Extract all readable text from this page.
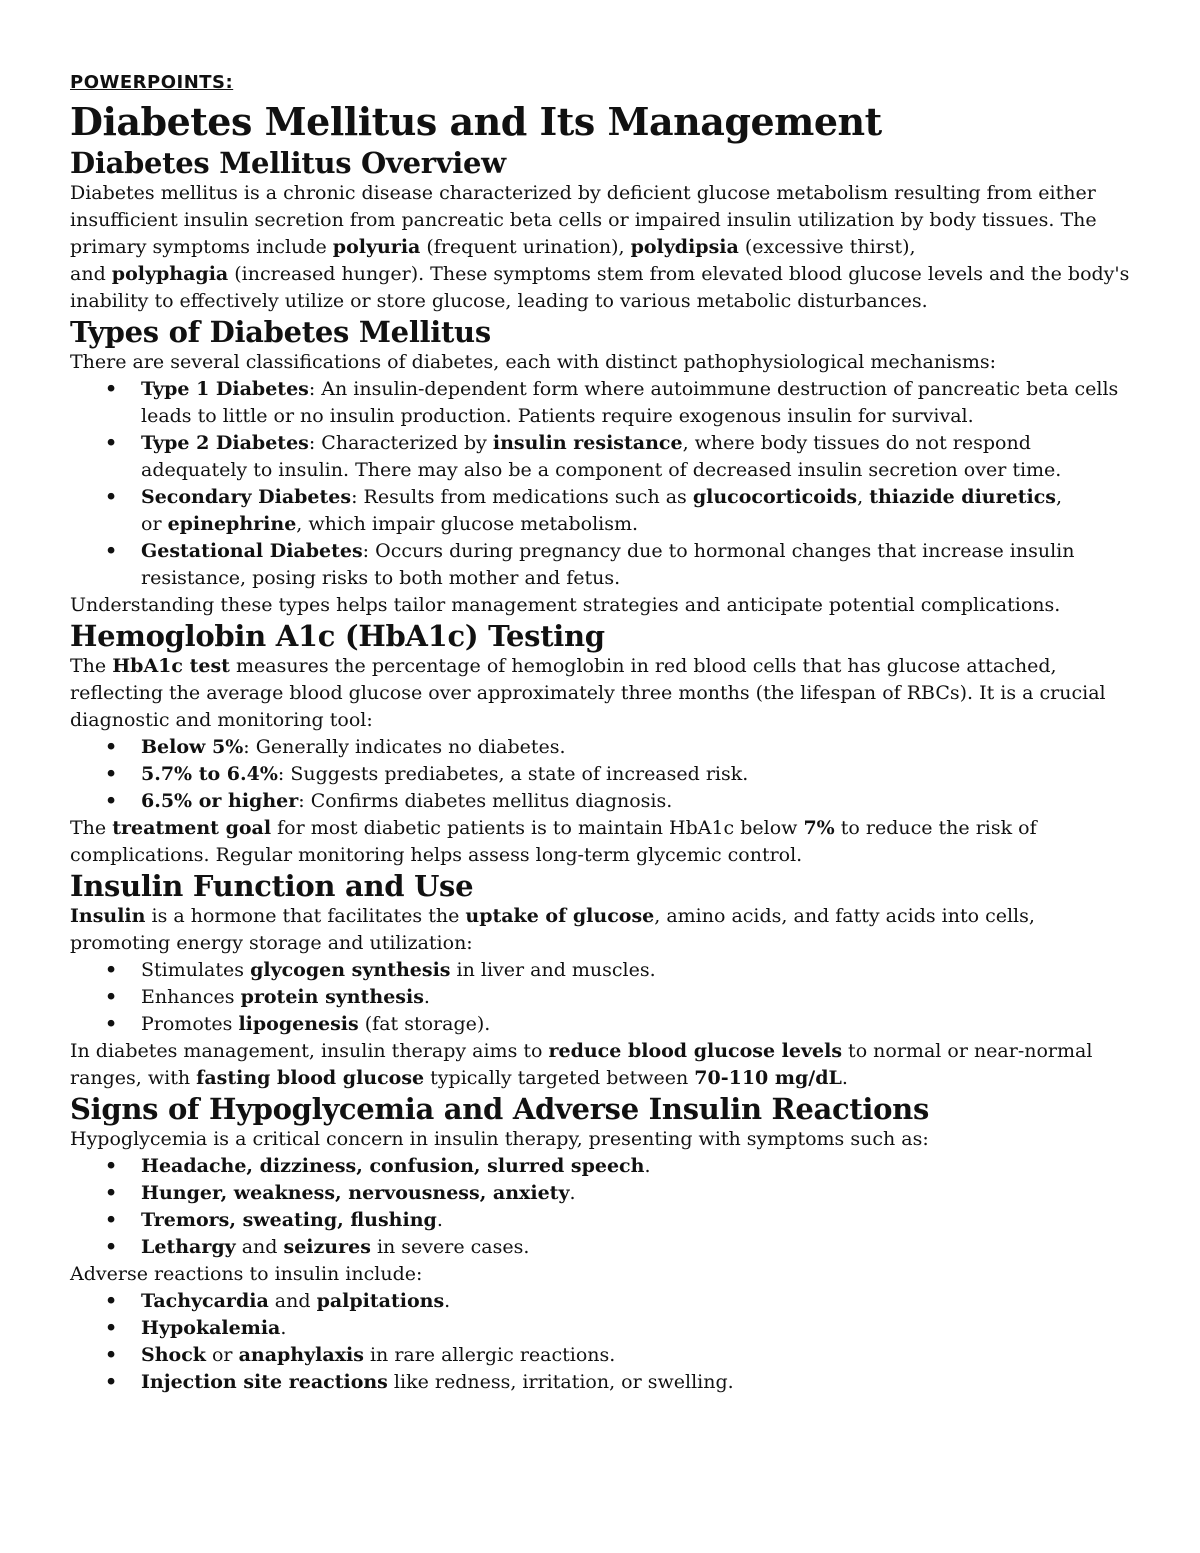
POWERPOINTS:
Diabetes Mellitus and Its Management
Diabetes Mellitus Overview

Diabetes mellitus is a chronic disease characterized by deficient glucose metabolism resulting from either insufficient insulin secretion from pancreatic beta cells or impaired insulin utilization by body tissues. The primary symptoms include polyuria (frequent urination), polydipsia (excessive thirst),
and polyphagia (increased hunger). These symptoms stem from elevated blood glucose levels and the body's inability to effectively utilize or store glucose, leading to various metabolic disturbances.

Types of Diabetes Mellitus

There are several classifications of diabetes, each with distinct pathophysiological mechanisms:

• Type 1 Diabetes: An insulin-dependent form where autoimmune destruction of pancreatic beta cells leads to little or no insulin production. Patients require exogenous insulin for survival.
• Type 2 Diabetes: Characterized by insulin resistance, where body tissues do not respond adequately to insulin. There may also be a component of decreased insulin secretion over time.
• Secondary Diabetes: Results from medications such as glucocorticoids, thiazide diuretics,
or epinephrine, which impair glucose metabolism.
• Gestational Diabetes: Occurs during pregnancy due to hormonal changes that increase insulin resistance, posing risks to both mother and fetus.

Understanding these types helps tailor management strategies and anticipate potential complications.

Hemoglobin A1c (HbA1c) Testing

The HbA1c test measures the percentage of hemoglobin in red blood cells that has glucose attached, reflecting the average blood glucose over approximately three months (the lifespan of RBCs). It is a crucial diagnostic and monitoring tool:

• Below 5%: Generally indicates no diabetes.
• 5.7% to 6.4%: Suggests prediabetes, a state of increased risk.
• 6.5% or higher: Confirms diabetes mellitus diagnosis.

The treatment goal for most diabetic patients is to maintain HbA1c below 7% to reduce the risk of complications. Regular monitoring helps assess long-term glycemic control.

Insulin Function and Use

Insulin is a hormone that facilitates the uptake of glucose, amino acids, and fatty acids into cells, promoting energy storage and utilization:

• Stimulates glycogen synthesis in liver and muscles.
• Enhances protein synthesis.
• Promotes lipogenesis (fat storage).

In diabetes management, insulin therapy aims to reduce blood glucose levels to normal or near-normal ranges, with fasting blood glucose typically targeted between 70-110 mg/dL.

Signs of Hypoglycemia and Adverse Insulin Reactions

Hypoglycemia is a critical concern in insulin therapy, presenting with symptoms such as:

• Headache, dizziness, confusion, slurred speech.
• Hunger, weakness, nervousness, anxiety.
• Tremors, sweating, flushing.
• Lethargy and seizures in severe cases.

Adverse reactions to insulin include:

• Tachycardia and palpitations.
• Hypokalemia.
• Shock or anaphylaxis in rare allergic reactions.
• Injection site reactions like redness, irritation, or swelling.
